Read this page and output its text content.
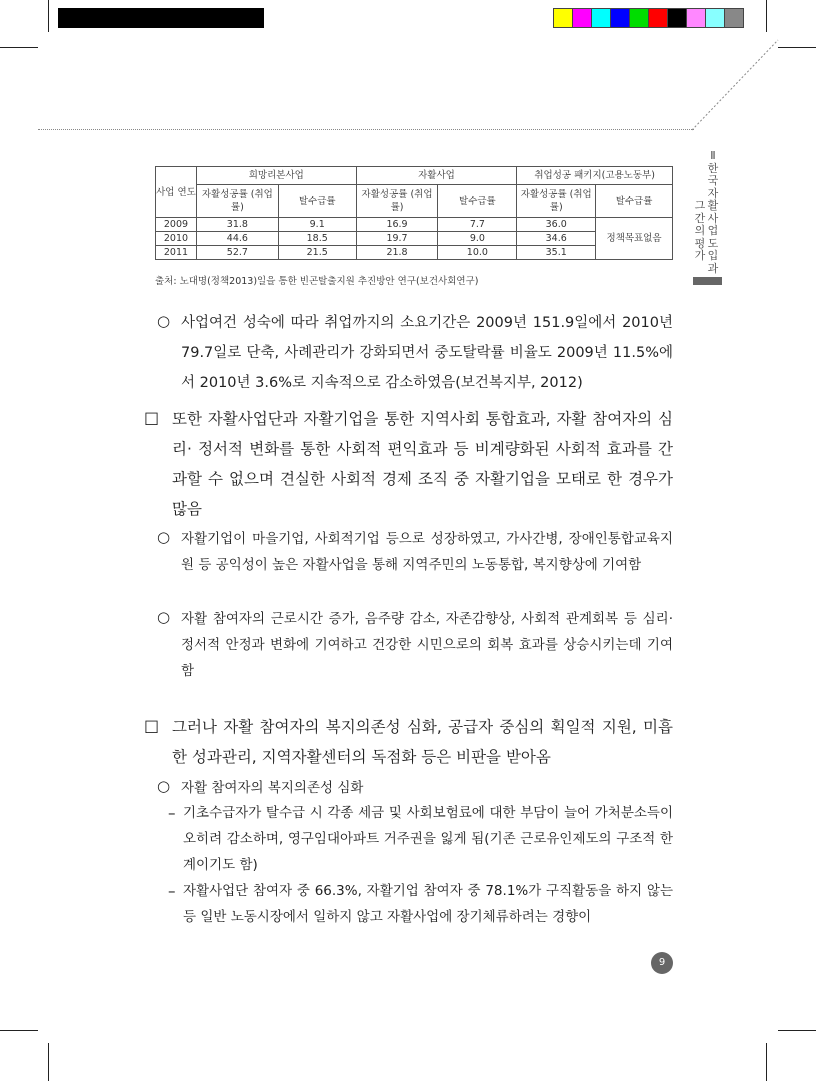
Ⅱ 한국 자활사업 도입과
그 간의 평가
사업 연도	희망리본사업		자활사업		취업성공 패키지(고용노동부)	
	자활성공률 (취업률)	탈수급률	자활성공률 (취업률)	탈수급률	자활성공률 (취업률)	탈수급률
2009	31.8	9.1	16.9	7.7	36.0	정책목표없음
2010	44.6	18.5	19.7	9.0	34.6	
2011	52.7	21.5	21.8	10.0	35.1	
출처: 노대명(정책2013)일을 통한 빈곤탈출지원 추진방안 연구(보건사회연구)
○ 사업여건 성숙에 따라 취업까지의 소요기간은 2009년 151.9일에서 2010년 79.7일로 단축, 사례관리가 강화되면서 중도탈락률 비율도 2009년 11.5%에서 2010년 3.6%로 지속적으로 감소하였음(보건복지부, 2012)
□ 또한 자활사업단과 자활기업을 통한 지역사회 통합효과, 자활 참여자의 심리· 정서적 변화를 통한 사회적 편익효과 등 비계량화된 사회적 효과를 간과할 수 없으며 견실한 사회적 경제 조직 중 자활기업을 모태로 한 경우가 많음
○ 자활기업이 마을기업, 사회적기업 등으로 성장하였고, 가사간병, 장애인통합교육지원 등 공익성이 높은 자활사업을 통해 지역주민의 노동통합, 복지향상에 기여함
○ 자활 참여자의 근로시간 증가, 음주량 감소, 자존감향상, 사회적 관계회복 등 심리· 정서적 안정과 변화에 기여하고 건강한 시민으로의 회복 효과를 상승시키는데 기여함
□ 그러나 자활 참여자의 복지의존성 심화, 공급자 중심의 획일적 지원, 미흡한 성과관리, 지역자활센터의 독점화 등은 비판을 받아옴
○ 자활 참여자의 복지의존성 심화
– 기초수급자가 탈수급 시 각종 세금 및 사회보험료에 대한 부담이 늘어 가처분소득이 오히려 감소하며, 영구임대아파트 거주권을 잃게 됨(기존 근로유인제도의 구조적 한계이기도 함)
– 자활사업단 참여자 중 66.3%, 자활기업 참여자 중 78.1%가 구직활동을 하지 않는 등 일반 노동시장에서 일하지 않고 자활사업에 장기체류하려는 경향이
9
